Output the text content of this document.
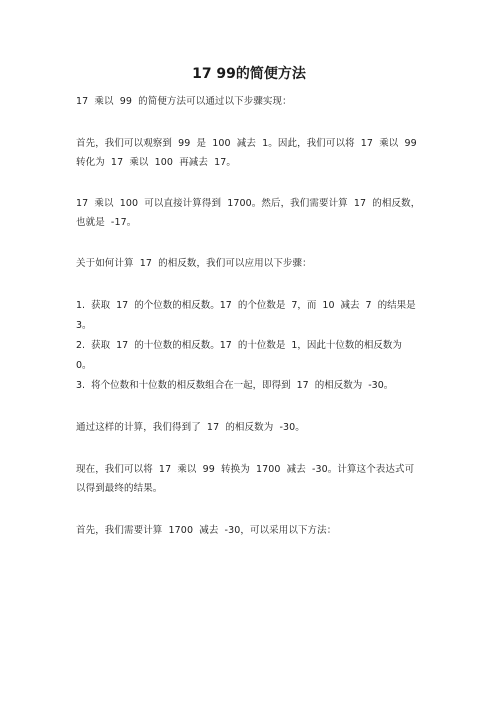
17 99的简便方法

17 乘以 99 的简便方法可以通过以下步骤实现：

首先，我们可以观察到 99 是 100 减去 1。因此，我们可以将 17 乘以 99 转化为 17 乘以 100 再减去 17。

17 乘以 100 可以直接计算得到 1700。然后，我们需要计算 17 的相反数，也就是 -17。

关于如何计算 17 的相反数，我们可以应用以下步骤：

1. 获取 17 的个位数的相反数。17 的个位数是 7，而 10 减去 7 的结果是 3。
2. 获取 17 的十位数的相反数。17 的十位数是 1，因此十位数的相反数为 0。
3. 将个位数和十位数的相反数组合在一起，即得到 17 的相反数为 -30。

通过这样的计算，我们得到了 17 的相反数为 -30。

现在，我们可以将 17 乘以 99 转换为 1700 减去 -30。计算这个表达式可以得到最终的结果。

首先，我们需要计算 1700 减去 -30，可以采用以下方法：
